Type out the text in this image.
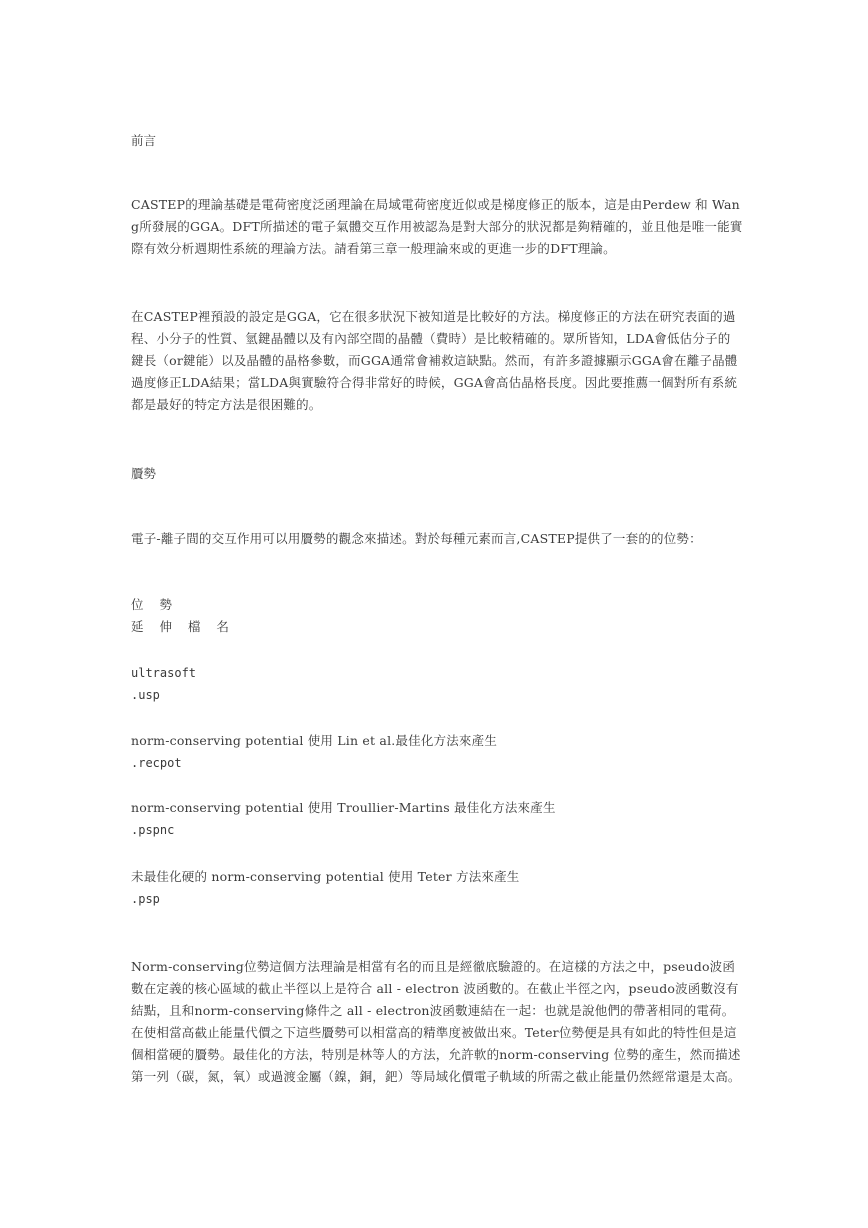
前言

CASTEP的理論基礎是電荷密度泛函理論在局域電荷密度近似或是梯度修正的版本，這是由Perdew 和 Wang所發展的GGA。DFT所描述的電子氣體交互作用被認為是對大部分的狀況都是夠精確的，並且他是唯一能實際有效分析週期性系統的理論方法。請看第三章一般理論來或的更進一步的DFT理論。

在CASTEP裡預設的設定是GGA，它在很多狀況下被知道是比較好的方法。梯度修正的方法在研究表面的過程、小分子的性質、氫鍵晶體以及有內部空間的晶體（費時）是比較精確的。眾所皆知，LDA會低估分子的鍵長（or鍵能）以及晶體的晶格參數，而GGA通常會補救這缺點。然而，有許多證據顯示GGA會在離子晶體過度修正LDA結果；當LDA與實驗符合得非常好的時候，GGA會高估晶格長度。因此要推薦一個對所有系統都是最好的特定方法是很困難的。

贗勢

電子-離子間的交互作用可以用贗勢的觀念來描述。對於每種元素而言,CASTEP提供了一套的的位勢：

位 勢
延 伸 檔 名
ultrasoft
.usp
norm-conserving potential 使用 Lin et al.最佳化方法來產生
.recpot
norm-conserving potential 使用 Troullier-Martins 最佳化方法來產生
.pspnc
未最佳化硬的 norm-conserving potential 使用 Teter 方法來產生
.psp

Norm-conserving位勢這個方法理論是相當有名的而且是經徹底驗證的。在這樣的方法之中，pseudo波函數在定義的核心區域的截止半徑以上是符合 all - electron 波函數的。在截止半徑之內，pseudo波函數沒有結點，且和norm-conserving條件之 all - electron波函數連結在一起：也就是說他們的帶著相同的電荷。在使相當高截止能量代價之下這些贗勢可以相當高的精準度被做出來。Teter位勢便是具有如此的特性但是這個相當硬的贗勢。最佳化的方法，特別是林等人的方法，允許軟的norm-conserving 位勢的產生，然而描述第一列（碳，氮，氧）或過渡金屬（鎳，銅，鈀）等局域化價電子軌域的所需之截止能量仍然經常還是太高。
